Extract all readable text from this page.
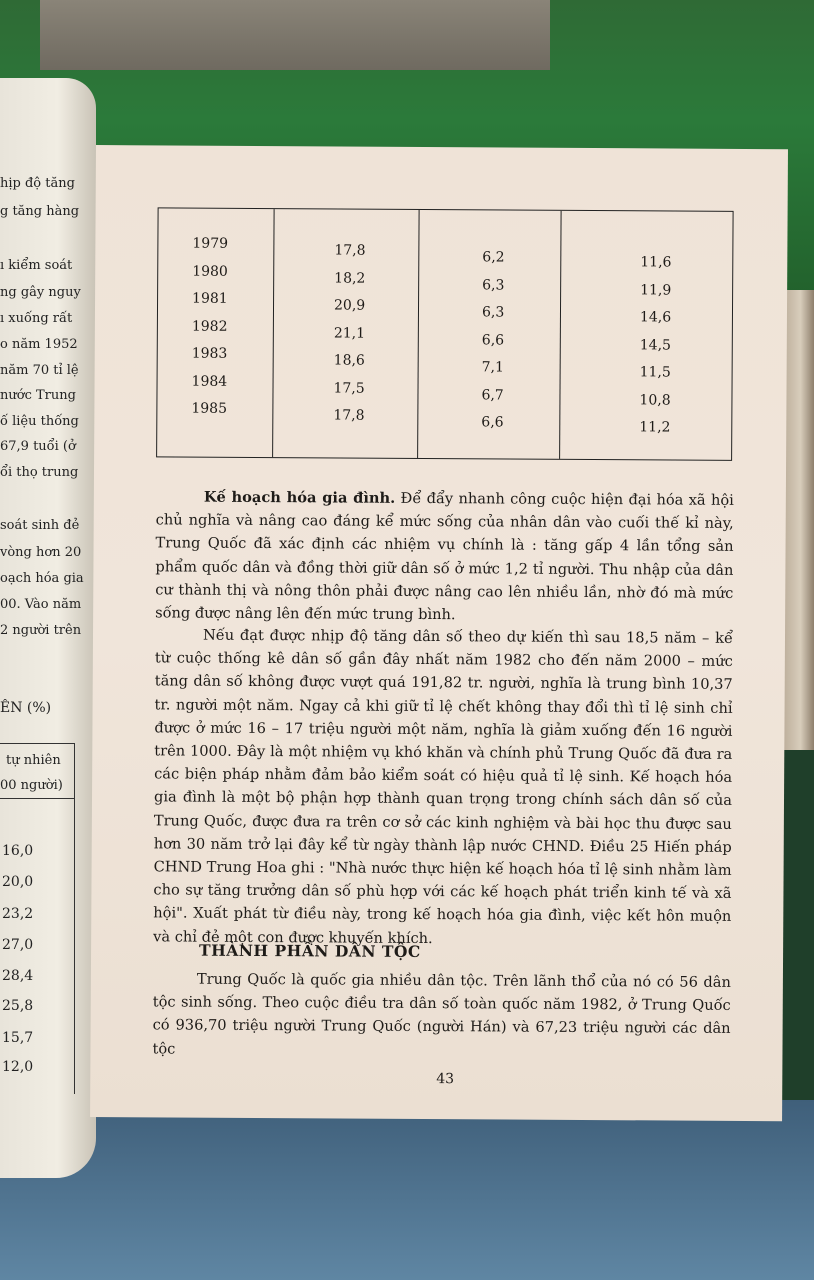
hịp độ tăng
g tăng hàng
ı kiểm soát
ng gây nguy
ı xuống rất
o năm 1952
năm 70 tỉ lệ
nước Trung
ố liệu thống
67,9 tuổi (ở
ổi thọ trung
soát sinh đẻ
vòng hơn 20
oạch hóa gia
00. Vào năm
2 người trên
ÊN (%)
tự nhiên
00 người)
16,0
20,0
23,2
27,0
28,4
25,8
15,7
12,0
1979
1980
1981
1982
1983
1984
1985
17,8
18,2
20,9
21,1
18,6
17,5
17,8
6,2
6,3
6,3
6,6
7,1
6,7
6,6
11,6
11,9
14,6
14,5
11,5
10,8
11,2
Kế hoạch hóa gia đình. Để đẩy nhanh công cuộc hiện đại hóa xã hội chủ nghĩa và nâng cao đáng kể mức sống của nhân dân vào cuối thế kỉ này, Trung Quốc đã xác định các nhiệm vụ chính là : tăng gấp 4 lần tổng sản phẩm quốc dân và đồng thời giữ dân số ở mức 1,2 tỉ người. Thu nhập của dân cư thành thị và nông thôn phải được nâng cao lên nhiều lần, nhờ đó mà mức sống được nâng lên đến mức trung bình.
Nếu đạt được nhịp độ tăng dân số theo dự kiến thì sau 18,5 năm – kể từ cuộc thống kê dân số gần đây nhất năm 1982 cho đến năm 2000 – mức tăng dân số không được vượt quá 191,82 tr. người, nghĩa là trung bình 10,37 tr. người một năm. Ngay cả khi giữ tỉ lệ chết không thay đổi thì tỉ lệ sinh chỉ được ở mức 16 – 17 triệu người một năm, nghĩa là giảm xuống đến 16 người trên 1000. Đây là một nhiệm vụ khó khăn và chính phủ Trung Quốc đã đưa ra các biện pháp nhằm đảm bảo kiểm soát có hiệu quả tỉ lệ sinh. Kế hoạch hóa gia đình là một bộ phận hợp thành quan trọng trong chính sách dân số của Trung Quốc, được đưa ra trên cơ sở các kinh nghiệm và bài học thu được sau hơn 30 năm trở lại đây kể từ ngày thành lập nước CHND. Điều 25 Hiến pháp CHND Trung Hoa ghi : "Nhà nước thực hiện kế hoạch hóa tỉ lệ sinh nhằm làm cho sự tăng trưởng dân số phù hợp với các kế hoạch phát triển kinh tế và xã hội". Xuất phát từ điều này, trong kế hoạch hóa gia đình, việc kết hôn muộn và chỉ đẻ một con được khuyến khích.
THÀNH PHẦN DÂN TỘC
Trung Quốc là quốc gia nhiều dân tộc. Trên lãnh thổ của nó có 56 dân tộc sinh sống. Theo cuộc điều tra dân số toàn quốc năm 1982, ở Trung Quốc có 936,70 triệu người Trung Quốc (người Hán) và 67,23 triệu người các dân tộc
43
